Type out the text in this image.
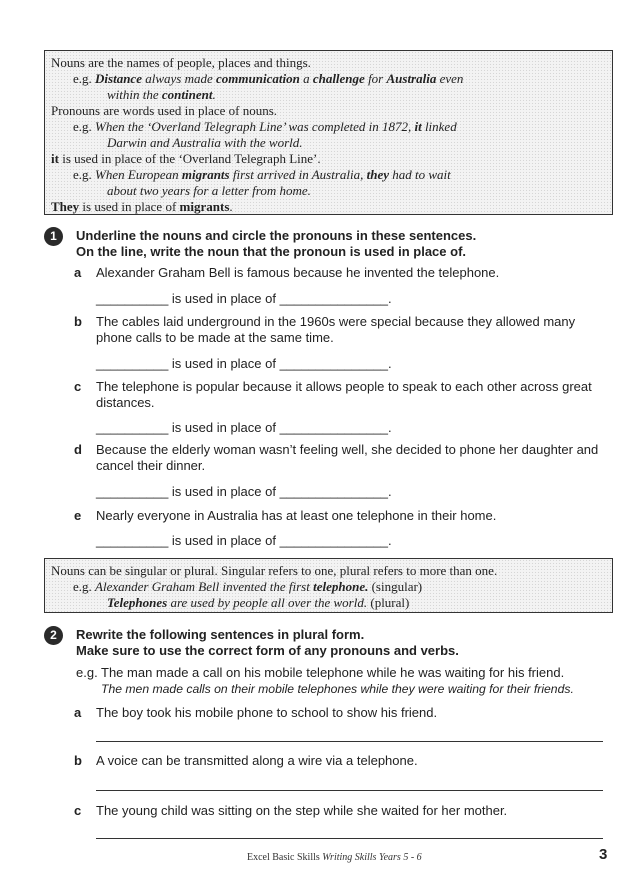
Nouns are the names of people, places and things.
e.g. Distance always made communication a challenge for Australia even
within the continent.
Pronouns are words used in place of nouns.
e.g. When the ‘Overland Telegraph Line’ was completed in 1872, it linked
Darwin and Australia with the world.
it is used in place of the ‘Overland Telegraph Line’.
e.g. When European migrants first arrived in Australia, they had to wait
about two years for a letter from home.
They is used in place of migrants.
1	Underline the nouns and circle the pronouns in these sentences.
On the line, write the noun that the pronoun is used in place of.
a Alexander Graham Bell is famous because he invented the telephone.
__________ is used in place of _______________.
b The cables laid underground in the 1960s were special because they allowed many phone calls to be made at the same time.
__________ is used in place of _______________.
c The telephone is popular because it allows people to speak to each other across great distances.
__________ is used in place of _______________.
d Because the elderly woman wasn’t feeling well, she decided to phone her daughter and cancel their dinner.
__________ is used in place of _______________.
e Nearly everyone in Australia has at least one telephone in their home.
__________ is used in place of _______________.
Nouns can be singular or plural. Singular refers to one, plural refers to more than one.
e.g. Alexander Graham Bell invented the first telephone. (singular)
Telephones are used by people all over the world. (plural)
2	Rewrite the following sentences in plural form.
Make sure to use the correct form of any pronouns and verbs.
e.g. The man made a call on his mobile telephone while he was waiting for his friend.
The men made calls on their mobile telephones while they were waiting for their friends.
a The boy took his mobile phone to school to show his friend.
b A voice can be transmitted along a wire via a telephone.
c The young child was sitting on the step while she waited for her mother.
Excel Basic Skills Writing Skills Years 5 - 6	3
